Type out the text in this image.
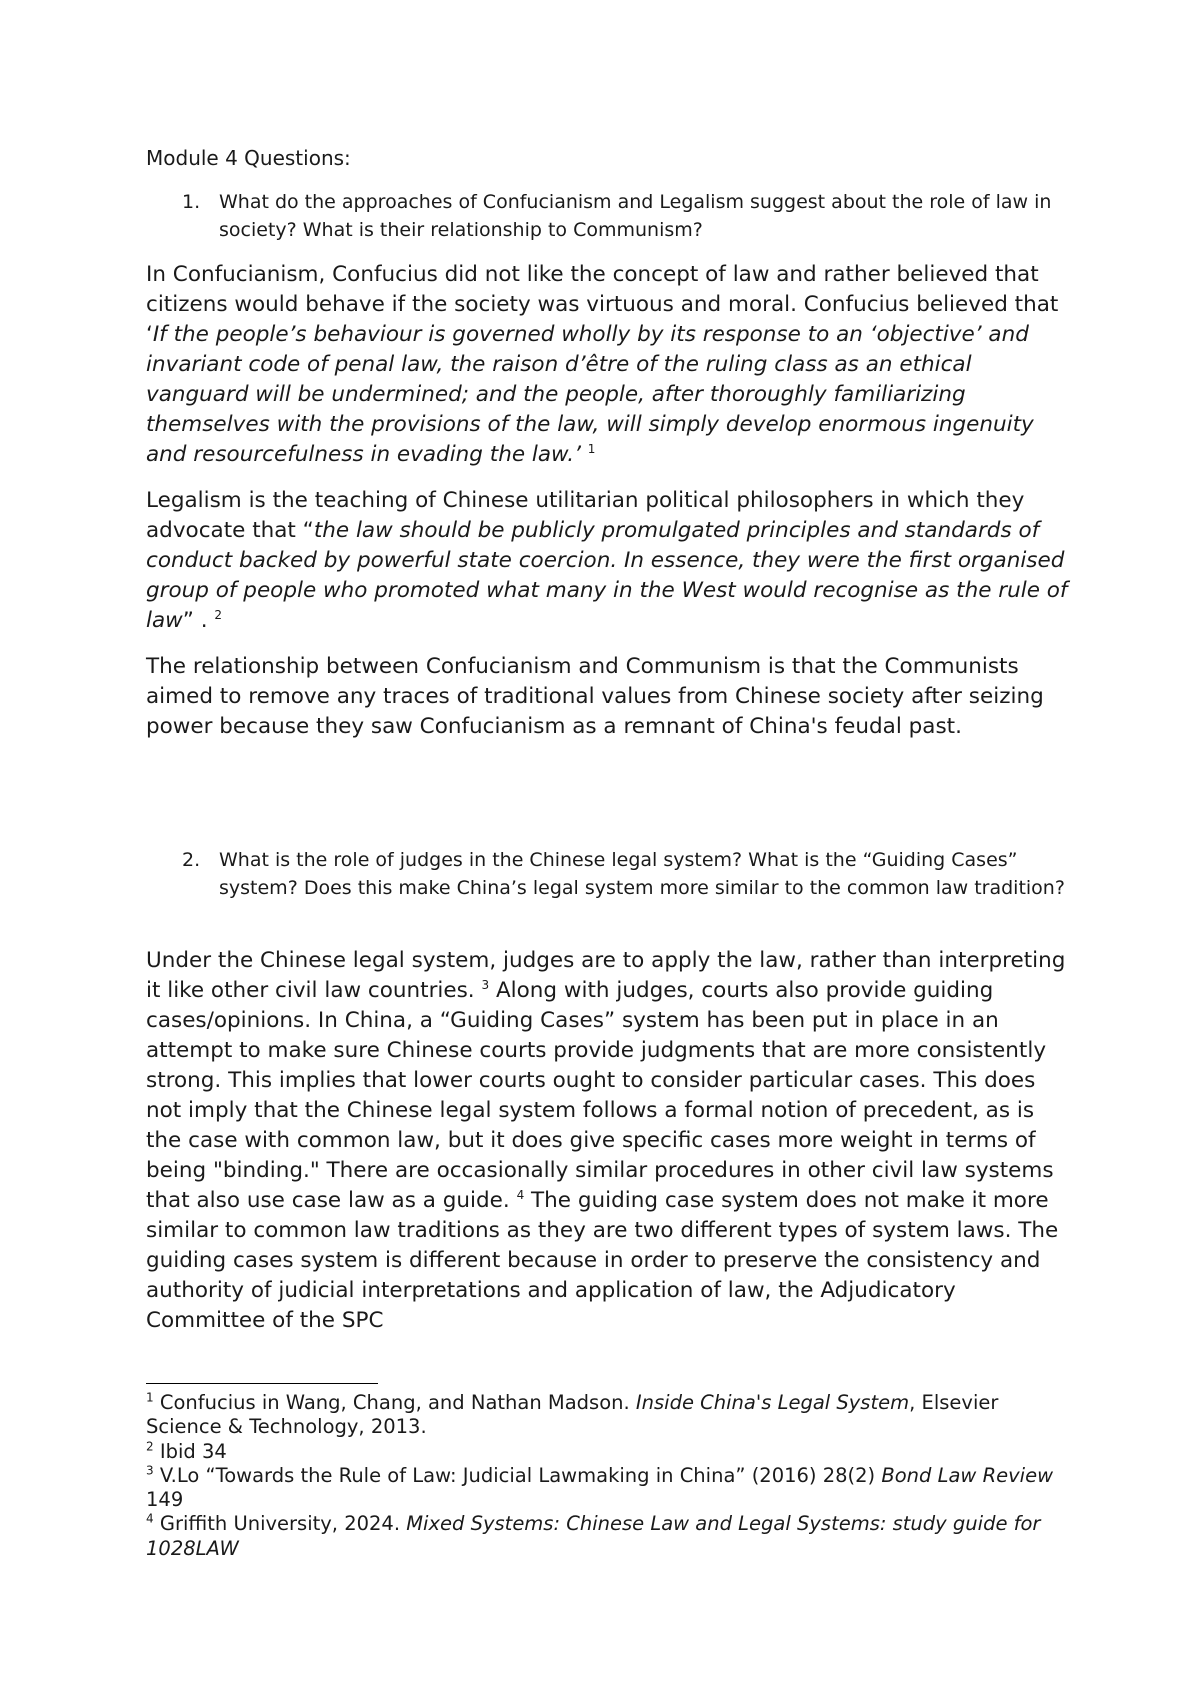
Module 4 Questions:
1. What do the approaches of Confucianism and Legalism suggest about the role of law in society? What is their relationship to Communism?

In Confucianism, Confucius did not like the concept of law and rather believed that citizens would behave if the society was virtuous and moral. Confucius believed that ‘If the people’s behaviour is governed wholly by its response to an ‘objective’ and invariant code of penal law, the raison d’être of the ruling class as an ethical vanguard will be undermined; and the people, after thoroughly familiarizing themselves with the provisions of the law, will simply develop enormous ingenuity and resourcefulness in evading the law.’ $^1$

Legalism is the teaching of Chinese utilitarian political philosophers in which they advocate that “the law should be publicly promulgated principles and standards of conduct backed by powerful state coercion. In essence, they were the first organised group of people who promoted what many in the West would recognise as the rule of law” . $^2$

The relationship between Confucianism and Communism is that the Communists aimed to remove any traces of traditional values from Chinese society after seizing power because they saw Confucianism as a remnant of China's feudal past.

2. What is the role of judges in the Chinese legal system? What is the “Guiding Cases” system? Does this make China’s legal system more similar to the common law tradition?

Under the Chinese legal system, judges are to apply the law, rather than interpreting it like other civil law countries. $^3$ Along with judges, courts also provide guiding cases/opinions. In China, a “Guiding Cases” system has been put in place in an attempt to make sure Chinese courts provide judgments that are more consistently strong. This implies that lower courts ought to consider particular cases. This does not imply that the Chinese legal system follows a formal notion of precedent, as is the case with common law, but it does give specific cases more weight in terms of being "binding." There are occasionally similar procedures in other civil law systems that also use case law as a guide. $^4$ The guiding case system does not make it more similar to common law traditions as they are two different types of system laws. The guiding cases system is different because in order to preserve the consistency and authority of judicial interpretations and application of law, the Adjudicatory Committee of the SPC

$^1$ Confucius in Wang, Chang, and Nathan Madson. Inside China's Legal System, Elsevier Science & Technology, 2013.

$^2$ Ibid 34

$^3$ V.Lo “Towards the Rule of Law: Judicial Lawmaking in China” (2016) 28(2) Bond Law Review 149

$^4$ Griffith University, 2024. Mixed Systems: Chinese Law and Legal Systems: study guide for 1028LAW
